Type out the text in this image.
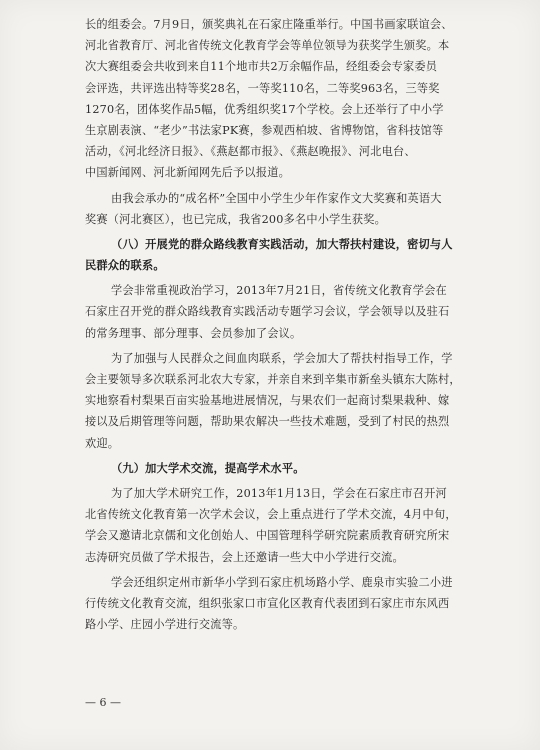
长的组委会。7月9日，颁奖典礼在石家庄隆重举行。中国书画家联谊会、
河北省教育厅、河北省传统文化教育学会等单位领导为获奖学生颁奖。本
次大赛组委会共收到来自11个地市共2万余幅作品，经组委会专家委员
会评选，共评选出特等奖28名，一等奖110名，二等奖963名，三等奖
1270名，团体奖作品5幅，优秀组织奖17个学校。会上还举行了中小学
生京剧表演、“老少”书法家PK赛，参观西柏坡、省博物馆，省科技馆等
活动，《河北经济日报》、《燕赵都市报》、《燕赵晚报》、河北电台、
中国新闻网、河北新闻网先后予以报道。
由我会承办的“成名杯”全国中小学生少年作家作文大奖赛和英语大
奖赛（河北赛区），也已完成，我省200多名中小学生获奖。
（八）开展党的群众路线教育实践活动，加大帮扶村建设，密切与人
民群众的联系。
学会非常重视政治学习，2013年7月21日，省传统文化教育学会在
石家庄召开党的群众路线教育实践活动专题学习会议，学会领导以及驻石
的常务理事、部分理事、会员参加了会议。
为了加强与人民群众之间血肉联系，学会加大了帮扶村指导工作，学
会主要领导多次联系河北农大专家，并亲自来到辛集市新垒头镇东大陈村，
实地察看村梨果百亩实验基地进展情况，与果农们一起商讨梨果栽种、嫁
接以及后期管理等问题，帮助果农解决一些技术难题，受到了村民的热烈
欢迎。
（九）加大学术交流，提高学术水平。
为了加大学术研究工作，2013年1月13日，学会在石家庄市召开河
北省传统文化教育第一次学术会议，会上重点进行了学术交流，4月中旬，
学会又邀请北京儒和文化创始人、中国管理科学研究院素质教育研究所宋
志涛研究员做了学术报告，会上还邀请一些大中小学进行交流。
学会还组织定州市新华小学到石家庄机场路小学、鹿泉市实验二小进
行传统文化教育交流，组织张家口市宣化区教育代表团到石家庄市东风西
路小学、庄园小学进行交流等。
— 6 —
